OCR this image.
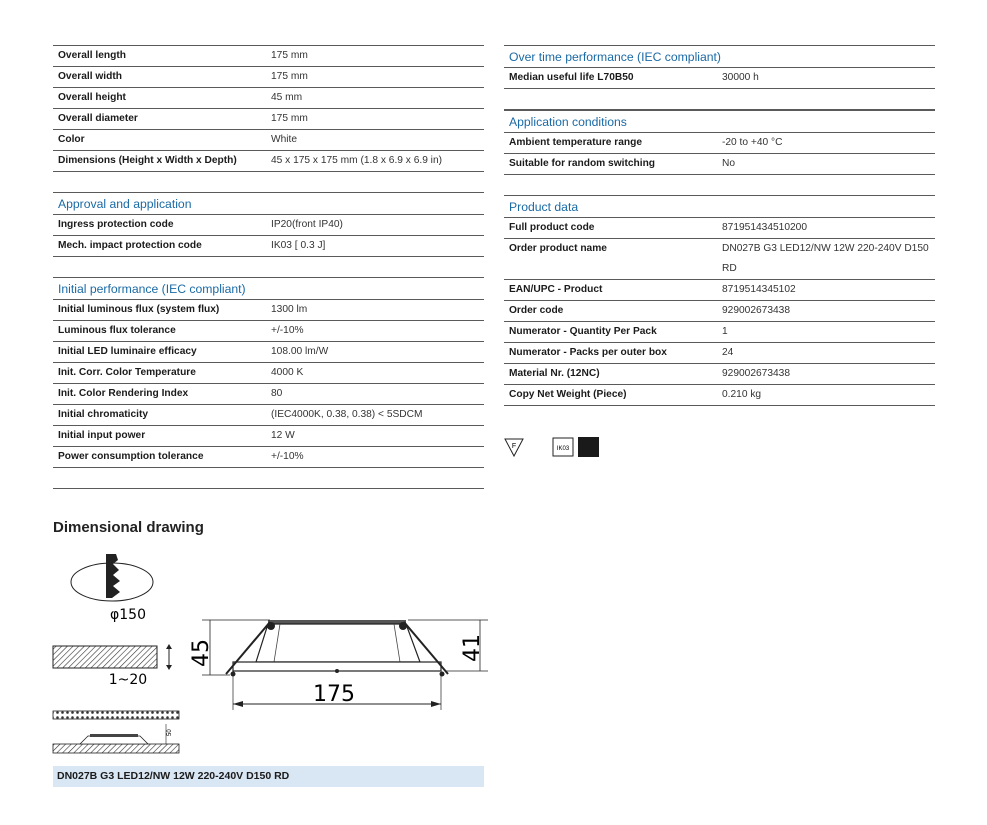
Overall length	175 mm
Overall width	175 mm
Overall height	45 mm
Overall diameter	175 mm
Color	White
Dimensions (Height x Width x Depth)	45 x 175 x 175 mm (1.8 x 6.9 x 6.9 in)
Approval and application
Ingress protection code	IP20(front IP40)
Mech. impact protection code	IK03 [ 0.3 J]
Initial performance (IEC compliant)
Initial luminous flux (system flux)	1300 lm
Luminous flux tolerance	+/-10%
Initial LED luminaire efficacy	108.00 lm/W
Init. Corr. Color Temperature	4000 K
Init. Color Rendering Index	80
Initial chromaticity	(IEC4000K, 0.38, 0.38) < 5SDCM
Initial input power	12 W
Power consumption tolerance	+/-10%

Over time performance (IEC compliant)
Median useful life L70B50	30000 h

Application conditions
Ambient temperature range	-20 to +40 °C
Suitable for random switching	No
Product data
Full product code	871951434510200
Order product name	DN027B G3 LED12/NW 12W 220-240V D150
RD

EAN/UPC - Product	8719514345102
Order code	929002673438
Numerator - Quantity Per Pack	1
Numerator - Packs per outer box	24
Material Nr. (12NC)	929002673438
Copy Net Weight (Piece)	0.210 kg
F	IK03
Dimensional drawing
φ150
1~20
50
45	41
175
DN027B G3 LED12/NW 12W 220-240V D150 RD
